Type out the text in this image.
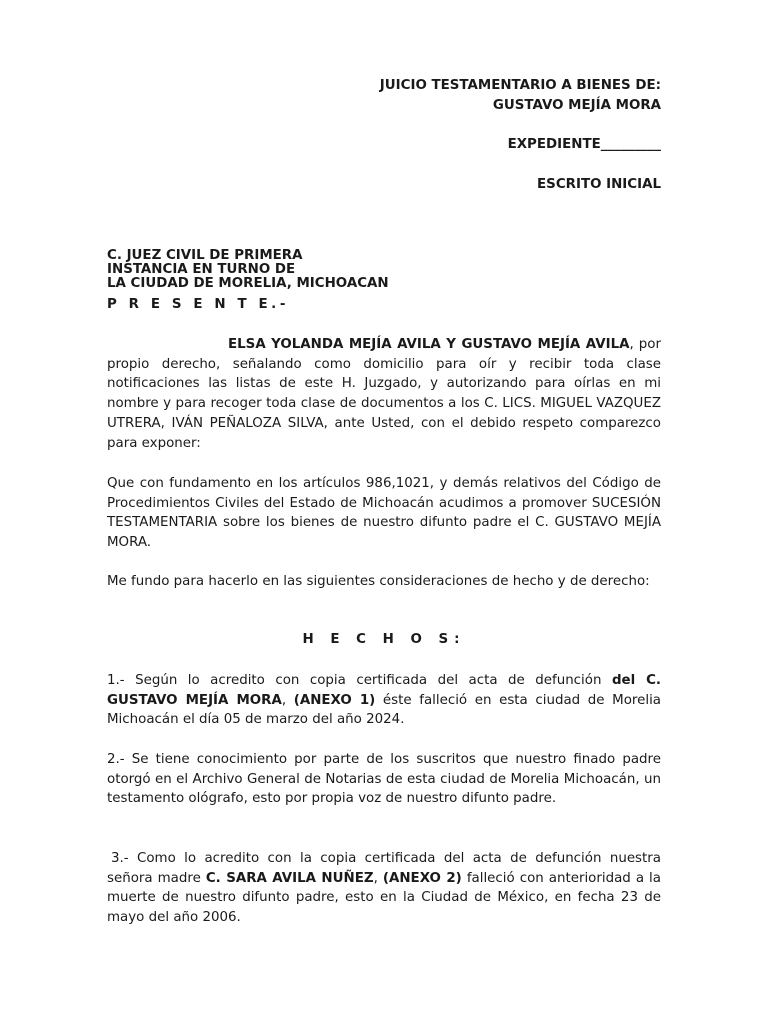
JUICIO TESTAMENTARIO A BIENES DE:
GUSTAVO MEJÍA MORA
EXPEDIENTE_________
ESCRITO INICIAL
C. JUEZ CIVIL DE PRIMERA
INSTANCIA EN TURNO DE
LA CIUDAD DE MORELIA, MICHOACAN
P R E S E N T E.-
ELSA YOLANDA MEJÍA AVILA Y GUSTAVO MEJÍA AVILA, por propio derecho, señalando como domicilio para oír y recibir toda clase notificaciones las listas de este H. Juzgado, y autorizando para oírlas en mi nombre y para recoger toda clase de documentos a los C. LICS. MIGUEL VAZQUEZ UTRERA, IVÁN PEÑALOZA SILVA, ante Usted, con el debido respeto comparezco para exponer:
Que con fundamento en los artículos 986,1021, y demás relativos del Código de Procedimientos Civiles del Estado de Michoacán acudimos a promover SUCESIÓN TESTAMENTARIA sobre los bienes de nuestro difunto padre el C. GUSTAVO MEJÍA MORA.
Me fundo para hacerlo en las siguientes consideraciones de hecho y de derecho:
H E C H O S:
1.- Según lo acredito con copia certificada del acta de defunción del C. GUSTAVO MEJÍA MORA, (ANEXO 1) éste falleció en esta ciudad de Morelia Michoacán el día 05 de marzo del año 2024.
2.- Se tiene conocimiento por parte de los suscritos que nuestro finado padre otorgó en el Archivo General de Notarias de esta ciudad de Morelia Michoacán, un testamento ológrafo, esto por propia voz de nuestro difunto padre.
3.- Como lo acredito con la copia certificada del acta de defunción nuestra señora madre C. SARA AVILA NUÑEZ, (ANEXO 2) falleció con anterioridad a la muerte de nuestro difunto padre, esto en la Ciudad de México, en fecha 23 de mayo del año 2006.
